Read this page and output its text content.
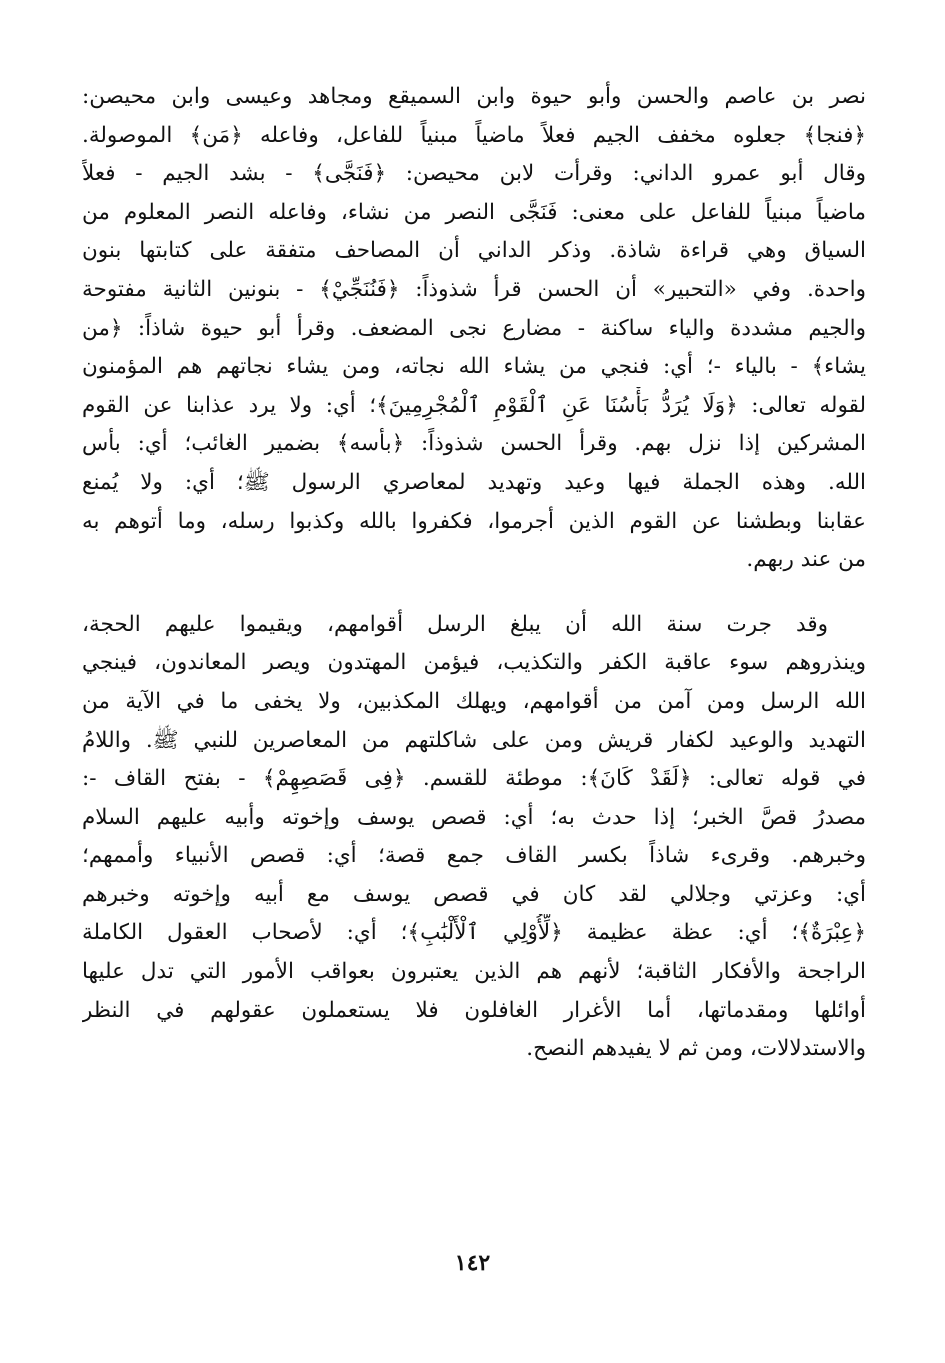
نصر بن عاصم والحسن وأبو حيوة وابن السميقع ومجاهد وعيسى وابن محيصن:
﴿فنجا﴾ جعلوه مخفف الجيم فعلاً ماضياً مبنياً للفاعل، وفاعله ﴿مَن﴾ الموصولة.
وقال أبو عمرو الداني: وقرأت لابن محيصن: ﴿فَنَجَّى﴾ - بشد الجيم - فعلاً
ماضياً مبنياً للفاعل على معنى: فَنَجَّى النصر من نشاء، وفاعله النصر المعلوم من
السياق وهي قراءة شاذة. وذكر الداني أن المصاحف متفقة على كتابتها بنون
واحدة. وفي «التحبير» أن الحسن قرأ شذوذاً: ﴿فَنُنَجِّيْ﴾ - بنونين الثانية مفتوحة
والجيم مشددة والياء ساكنة - مضارع نجى المضعف. وقرأ أبو حيوة شاذاً: ﴿من
يشاء﴾ - بالياء -؛ أي: فنجي من يشاء الله نجاته، ومن يشاء نجاتهم هم المؤمنون
لقوله تعالى: ﴿وَلَا يُرَدُّ بَأْسُنَا عَنِ ٱلْقَوْمِ ٱلْمُجْرِمِينَ﴾؛ أي: ولا يرد عذابنا عن القوم
المشركين إذا نزل بهم. وقرأ الحسن شذوذاً: ﴿بأسه﴾ بضمير الغائب؛ أي: بأس
الله. وهذه الجملة فيها وعيد وتهديد لمعاصري الرسول ﷺ؛ أي: ولا يُمنع
عقابنا وبطشنا عن القوم الذين أجرموا، فكفروا بالله وكذبوا رسله، وما أتوهم به
من عند ربهم.
وقد جرت سنة الله أن يبلغ الرسل أقوامهم، ويقيموا عليهم الحجة،
وينذروهم سوء عاقبة الكفر والتكذيب، فيؤمن المهتدون ويصر المعاندون، فينجي
الله الرسل ومن آمن من أقوامهم، ويهلك المكذبين، ولا يخفى ما في الآية من
التهديد والوعيد لكفار قريش ومن على شاكلتهم من المعاصرين للنبي ﷺ. واللامُ
في قوله تعالى: ﴿لَقَدْ كَانَ﴾: موطئة للقسم. ﴿فِى قَصَصِهِمْ﴾ - بفتح القاف -:
مصدرُ قصَّ الخبر؛ إذا حدث به؛ أي: قصص يوسف وإخوته وأبيه عليهم السلام
وخبرهم. وقرىء شاذاً بكسر القاف جمع قصة؛ أي: قصص الأنبياء وأممهم؛
أي: وعزتي وجلالي لقد كان في قصص يوسف مع أبيه وإخوته وخبرهم
﴿عِبْرَةٌ﴾؛ أي: عظة عظيمة ﴿لِّأُوْلِي ٱلْأَلْبَٰبِ﴾؛ أي: لأصحاب العقول الكاملة
الراجحة والأفكار الثاقبة؛ لأنهم هم الذين يعتبرون بعواقب الأمور التي تدل عليها
أوائلها ومقدماتها، أما الأغرار الغافلون فلا يستعملون عقولهم في النظر
والاستدلالات، ومن ثم لا يفيدهم النصح.
١٤٢
